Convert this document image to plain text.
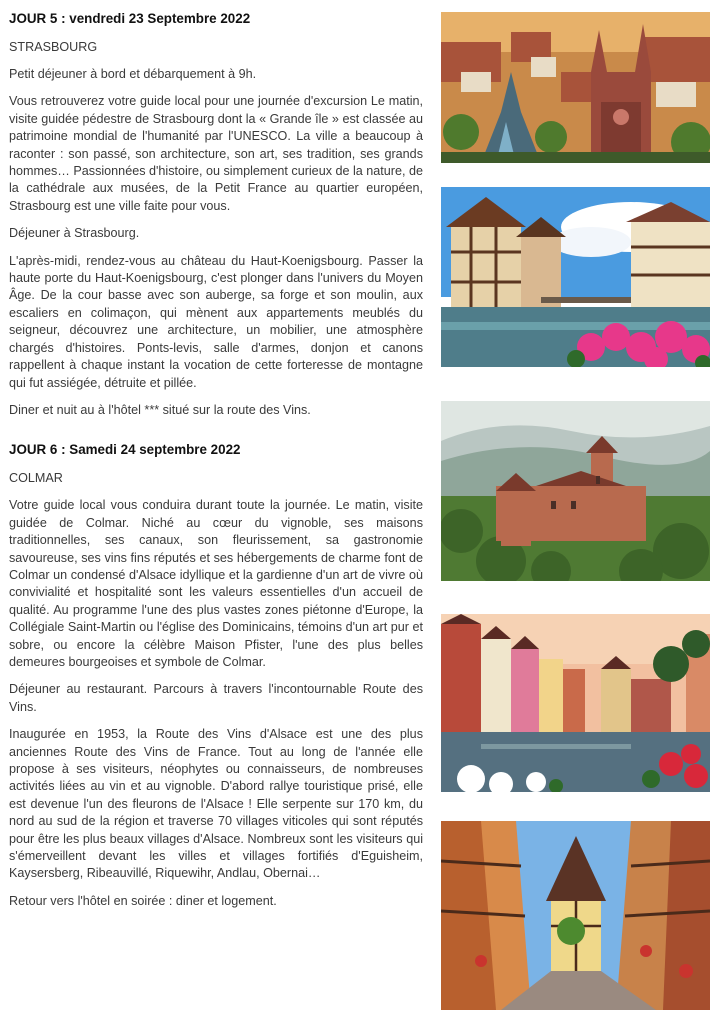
JOUR 5 : vendredi 23 Septembre 2022

STRASBOURG

Petit déjeuner à bord et débarquement à 9h.

Vous retrouverez votre guide local pour une journée d'excursion Le matin, visite guidée pédestre de Strasbourg dont la « Grande île » est classée au patrimoine mondial de l'humanité par l'UNESCO. La ville a beaucoup à raconter : son passé, son architecture, son art, ses tradition, ses grands hommes… Passionnées d'histoire, ou simplement curieux de la nature, de la cathédrale aux musées, de la Petit France au quartier européen, Strasbourg est une ville faite pour vous.

Déjeuner à Strasbourg.

L'après-midi, rendez-vous au château du Haut-Koenigsbourg. Passer la haute porte du Haut-Koenigsbourg, c'est plonger dans l'univers du Moyen Âge. De la cour basse avec son auberge, sa forge et son moulin, aux escaliers en colimaçon, qui mènent aux appartements meublés du seigneur, découvrez une architecture, un mobilier, une atmosphère chargés d'histoires. Ponts-levis, salle d'armes, donjon et canons rappellent à chaque instant la vocation de cette forteresse de montagne qui fut assiégée, détruite et pillée.

Diner et nuit au à l'hôtel *** situé sur la route des Vins.

JOUR 6 : Samedi 24 septembre 2022

COLMAR

Votre guide local vous conduira durant toute la journée. Le matin, visite guidée de Colmar. Niché au cœur du vignoble, ses maisons traditionnelles, ses canaux, son fleurissement, sa gastronomie savoureuse, ses vins fins réputés et ses hébergements de charme font de Colmar un condensé d'Alsace idyllique et la gardienne d'un art de vivre où convivialité et hospitalité sont les valeurs essentielles d'un accueil de qualité. Au programme l'une des plus vastes zones piétonne d'Europe, la Collégiale Saint-Martin ou l'église des Dominicains, témoins d'un art pur et sobre, ou encore la célèbre Maison Pfister, l'une des plus belles demeures bourgeoises et symbole de Colmar.

Déjeuner au restaurant. Parcours à travers l'incontournable Route des Vins.

Inaugurée en 1953, la Route des Vins d'Alsace est une des plus anciennes Route des Vins de France. Tout au long de l'année elle propose à ses visiteurs, néophytes ou connaisseurs, de nombreuses activités liées au vin et au vignoble. D'abord rallye touristique prisé, elle est devenue l'un des fleurons de l'Alsace ! Elle serpente sur 170 km, du nord au sud de la région et traverse 70 villages viticoles qui sont réputés pour être les plus beaux villages d'Alsace. Nombreux sont les visiteurs qui s'émerveillent devant les villes et villages fortifiés d'Eguisheim, Kaysersberg, Ribeauvillé, Riquewihr, Andlau, Obernai…

Retour vers l'hôtel en soirée : diner et logement.
